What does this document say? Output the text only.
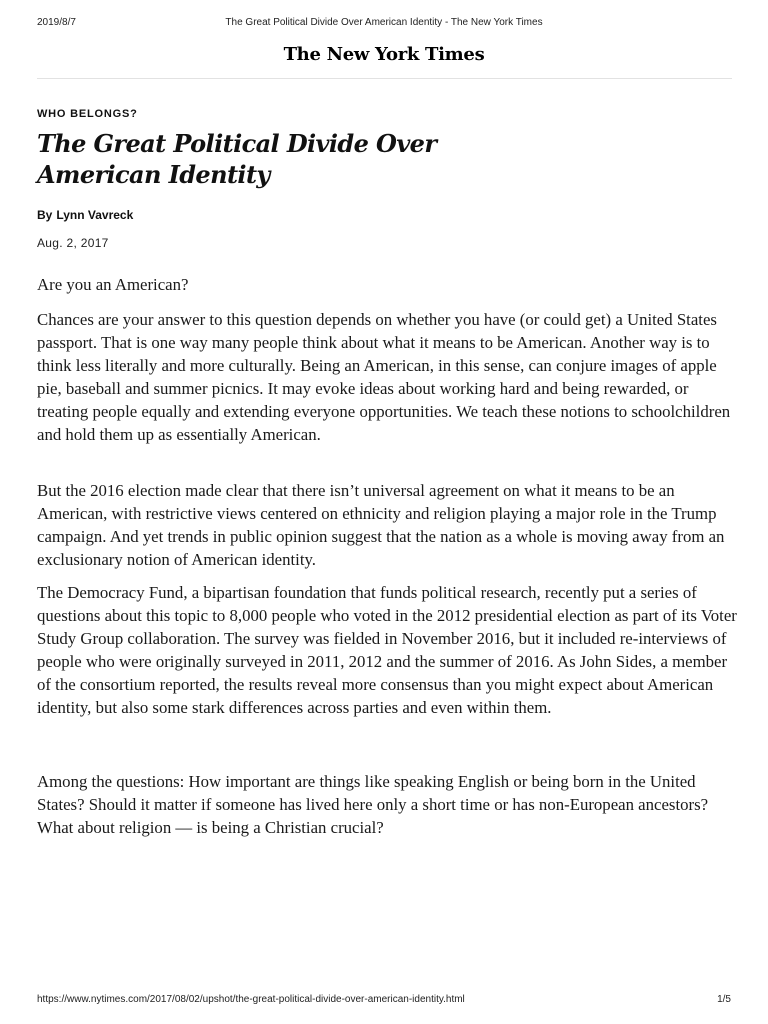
2019/8/7	The Great Political Divide Over American Identity - The New York Times
The New York Times
WHO BELONGS?
The Great Political Divide Over American Identity
By Lynn Vavreck
Aug. 2, 2017

Are you an American?

Chances are your answer to this question depends on whether you have (or could get) a United States passport. That is one way many people think about what it means to be American. Another way is to think less literally and more culturally. Being an American, in this sense, can conjure images of apple pie, baseball and summer picnics. It may evoke ideas about working hard and being rewarded, or treating people equally and extending everyone opportunities. We teach these notions to schoolchildren and hold them up as essentially American.

But the 2016 election made clear that there isn’t universal agreement on what it means to be an American, with restrictive views centered on ethnicity and religion playing a major role in the Trump campaign. And yet trends in public opinion suggest that the nation as a whole is moving away from an exclusionary notion of American identity.

The Democracy Fund, a bipartisan foundation that funds political research, recently put a series of questions about this topic to 8,000 people who voted in the 2012 presidential election as part of its Voter Study Group collaboration. The survey was fielded in November 2016, but it included re-interviews of people who were originally surveyed in 2011, 2012 and the summer of 2016. As John Sides, a member of the consortium reported, the results reveal more consensus than you might expect about American identity, but also some stark differences across parties and even within them.

Among the questions: How important are things like speaking English or being born in the United States? Should it matter if someone has lived here only a short time or has non-European ancestors? What about religion — is being a Christian crucial?

https://www.nytimes.com/2017/08/02/upshot/the-great-political-divide-over-american-identity.html	1/5
